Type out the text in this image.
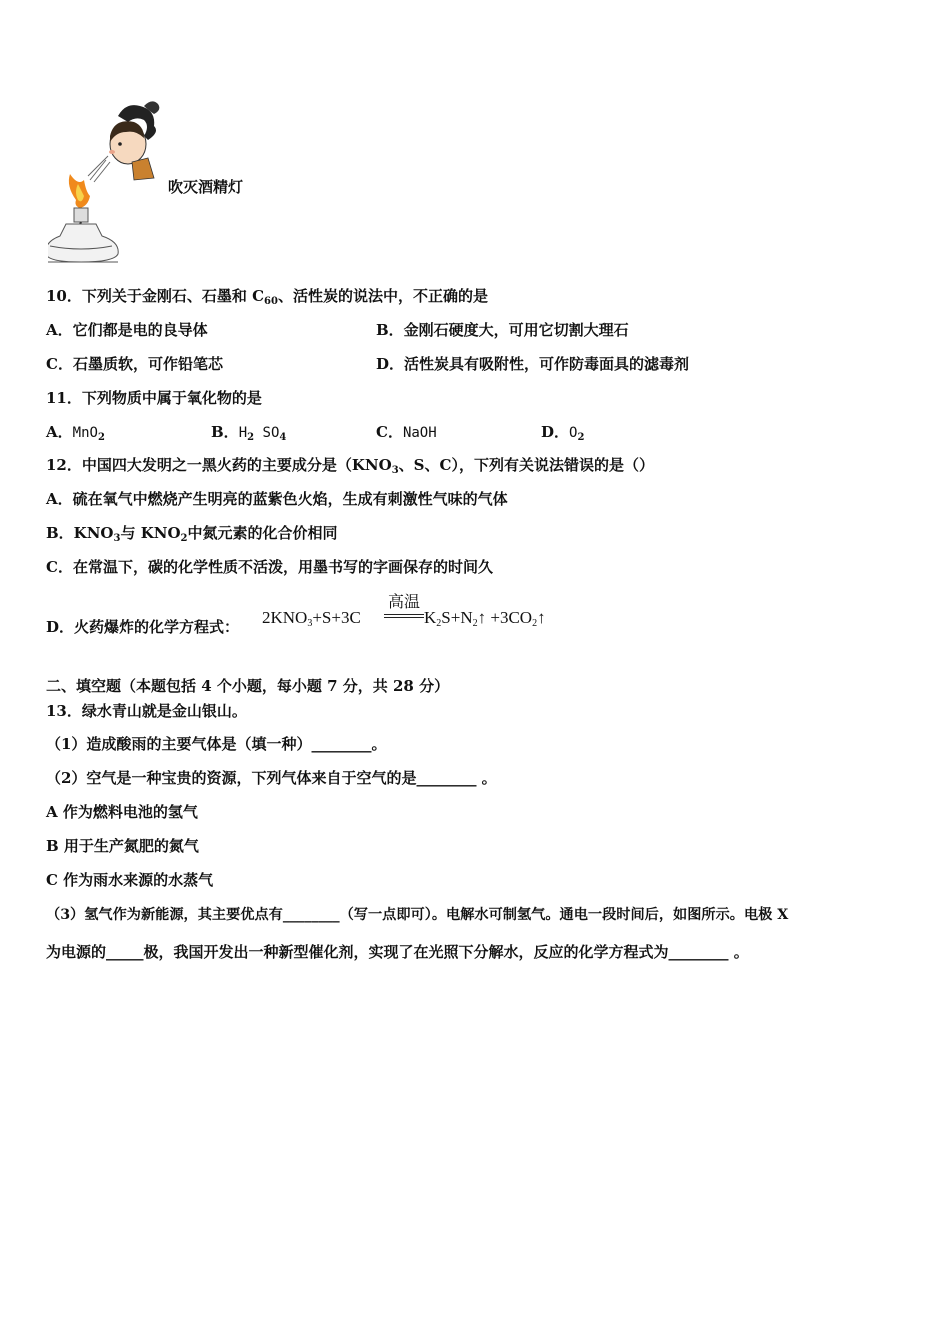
吹灭酒精灯
10．下列关于金刚石、石墨和 $C_{60}$、活性炭的说法中，不正确的是
A．它们都是电的良导体	B．金刚石硬度大，可用它切割大理石
C．石墨质软，可作铅笔芯	D．活性炭具有吸附性，可作防毒面具的滤毒剂
11．下列物质中属于氧化物的是
A．MnO$_2$	B．$H_2$ $SO_4$	C．NaOH	D．$O_2$
12．中国四大发明之一黑火药的主要成分是（$KNO_3$、S、C），下列有关说法错误的是（）
A．硫在氧气中燃烧产生明亮的蓝紫色火焰，生成有刺激性气味的气体
B．$KNO_3$与 $KNO_2$中氮元素的化合价相同
C．在常温下，碳的化学性质不活泼，用墨书写的字画保存的时间久
D．火药爆炸的化学方程式： $2KNO_3+S+3C$
高温
$K_2S+N_2↑$ $+3CO_2↑$
二、填空题（本题包括 4 个小题，每小题 7 分，共 28 分）
13．绿水青山就是金山银山。
（1）造成酸雨的主要气体是（填一种）________。
（2）空气是一种宝贵的资源，下列气体来自于空气的是________ 。
A 作为燃料电池的氢气
B 用于生产氮肥的氮气
C 作为雨水来源的水蒸气
（3）氢气作为新能源，其主要优点有________（写一点即可）。电解水可制氢气。通电一段时间后，如图所示。电极 X
为电源的_____极，我国开发出一种新型催化剂，实现了在光照下分解水，反应的化学方程式为________ 。
